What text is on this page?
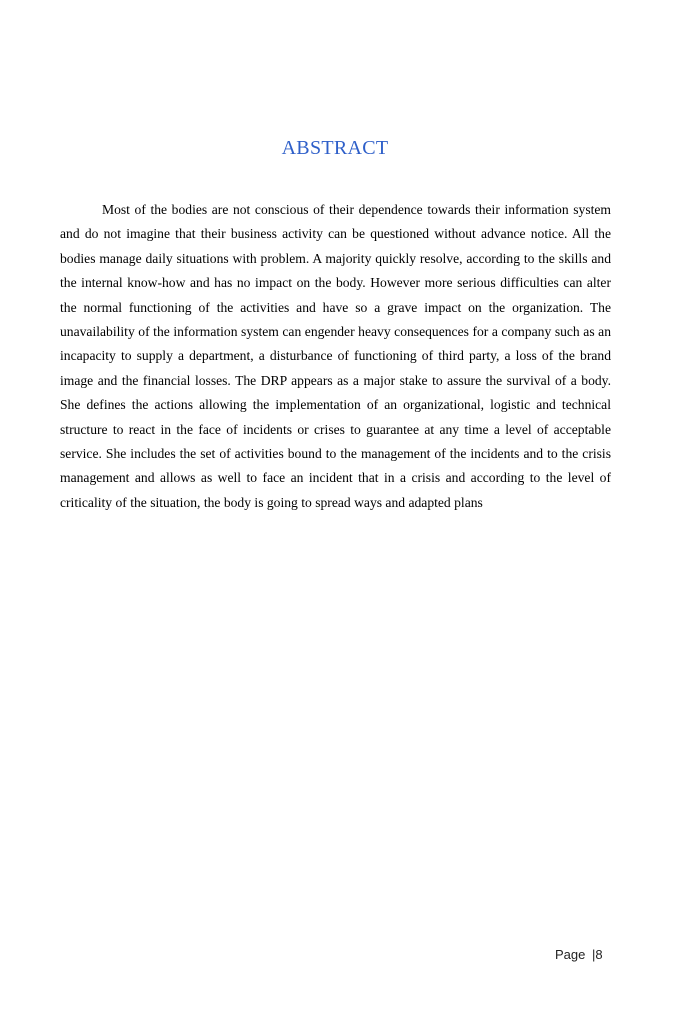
ABSTRACT

Most of the bodies are not conscious of their dependence towards their information system and do not imagine that their business activity can be questioned without advance notice. All the bodies manage daily situations with problem. A majority quickly resolve, according to the skills and the internal know-how and has no impact on the body. However more serious difficulties can alter the normal functioning of the activities and have so a grave impact on the organization. The unavailability of the information system can engender heavy consequences for a company such as an incapacity to supply a department, a disturbance of functioning of third party, a loss of the brand image and the financial losses. The DRP appears as a major stake to assure the survival of a body. She defines the actions allowing the implementation of an organizational, logistic and technical structure to react in the face of incidents or crises to guarantee at any time a level of acceptable service. She includes the set of activities bound to the management of the incidents and to the crisis management and allows as well to face an incident that in a crisis and according to the level of criticality of the situation, the body is going to spread ways and adapted plans

Page |8
